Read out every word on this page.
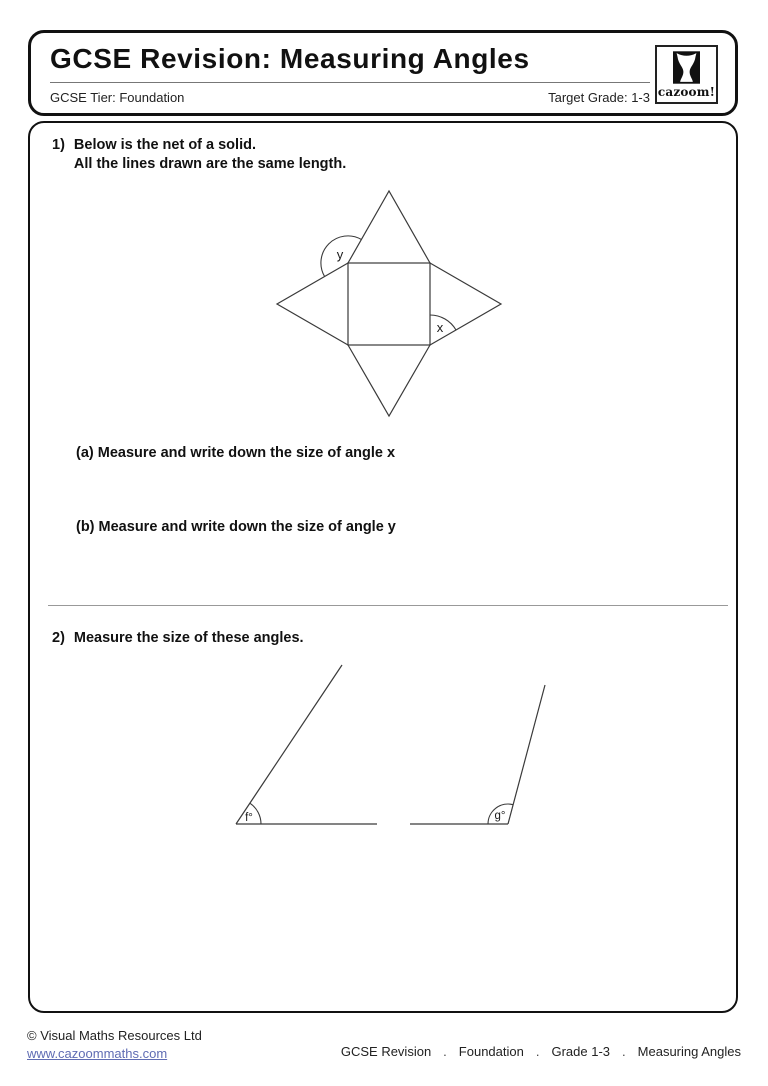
GCSE Revision: Measuring Angles
GCSE Tier: Foundation	Target Grade: 1-3 cazoom!
1) Below is the net of a solid.
All the lines drawn are the same length.
y
x
(a) Measure and write down the size of angle x
(b) Measure and write down the size of angle y
2) Measure the size of these angles.
f°	g°
© Visual Maths Resources Ltd
www.cazoommaths.com	GCSE Revision . Foundation . Grade 1-3 . Measuring Angles
